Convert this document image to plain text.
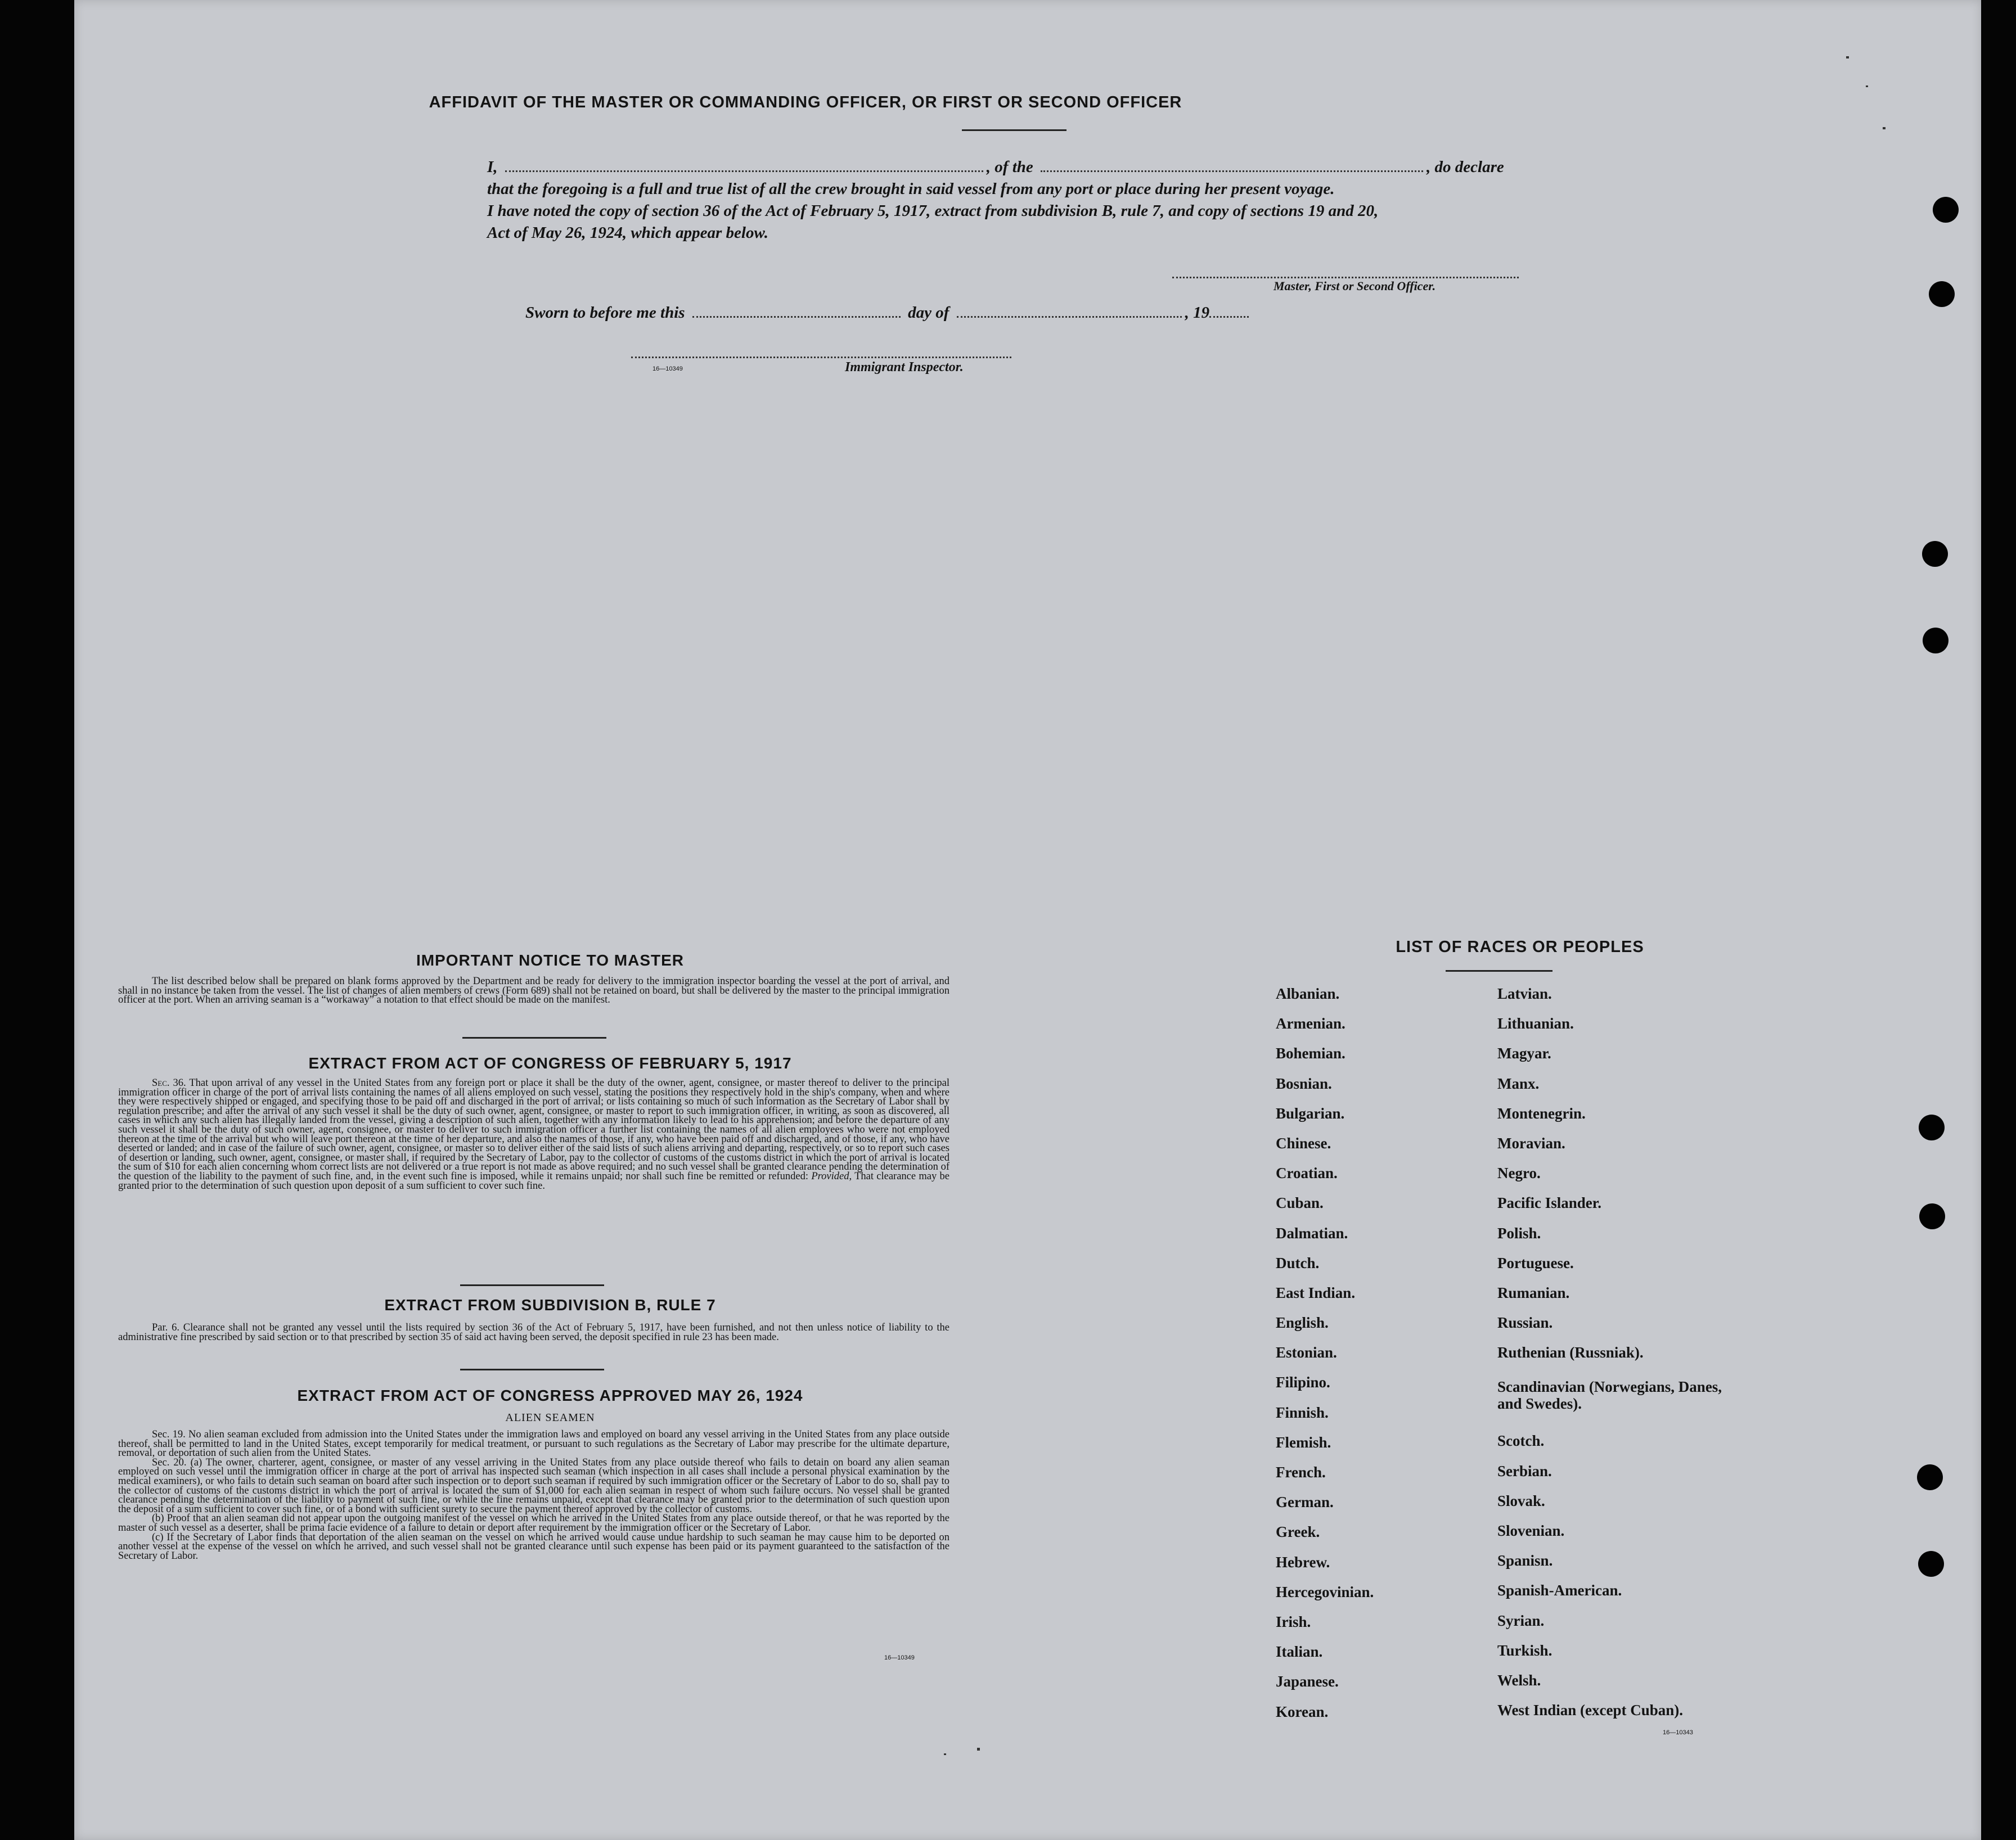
AFFIDAVIT OF THE MASTER OR COMMANDING OFFICER, OR FIRST OR SECOND OFFICER
I,	, of the	, do declare
that the foregoing is a full and true list of all the crew brought in said vessel from any port or place during her present voyage.
I have noted the copy of section 36 of the Act of February 5, 1917, extract from subdivision B, rule 7, and copy of sections 19 and 20,
Act of May 26, 1924, which appear below.
Master, First or Second Officer.
Sworn to before me this	day of	, 19
16—10349	Immigrant Inspector.
IMPORTANT NOTICE TO MASTER

The list described below shall be prepared on blank forms approved by the Department and be ready for delivery to the immigration inspector boarding the vessel at the port of arrival, and shall in no instance be taken from the vessel. The list of changes of alien members of crews (Form 689) shall not be retained on board, but shall be delivered by the master to the principal immigration officer at the port. When an arriving seaman is a “workaway” a notation to that effect should be made on the manifest.

EXTRACT FROM ACT OF CONGRESS OF FEBRUARY 5, 1917

Sec. 36. That upon arrival of any vessel in the United States from any foreign port or place it shall be the duty of the owner, agent, consignee, or master thereof to deliver to the principal immigration officer in charge of the port of arrival lists containing the names of all aliens employed on such vessel, stating the positions they respectively hold in the ship's company, when and where they were respectively shipped or engaged, and specifying those to be paid off and discharged in the port of arrival; or lists containing so much of such information as the Secretary of Labor shall by regulation prescribe; and after the arrival of any such vessel it shall be the duty of such owner, agent, consignee, or master to report to such immigration officer, in writing, as soon as discovered, all cases in which any such alien has illegally landed from the vessel, giving a description of such alien, together with any information likely to lead to his apprehension; and before the departure of any such vessel it shall be the duty of such owner, agent, consignee, or master to deliver to such immigration officer a further list containing the names of all alien employees who were not employed thereon at the time of the arrival but who will leave port thereon at the time of her departure, and also the names of those, if any, who have been paid off and discharged, and of those, if any, who have deserted or landed; and in case of the failure of such owner, agent, consignee, or master so to deliver either of the said lists of such aliens arriving and departing, respectively, or so to report such cases of desertion or landing, such owner, agent, consignee, or master shall, if required by the Secretary of Labor, pay to the collector of customs of the customs district in which the port of arrival is located the sum of $10 for each alien concerning whom correct lists are not delivered or a true report is not made as above required; and no such vessel shall be granted clearance pending the determination of the question of the liability to the payment of such fine, and, in the event such fine is imposed, while it remains unpaid; nor shall such fine be remitted or refunded: Provided, That clearance may be granted prior to the determination of such question upon deposit of a sum sufficient to cover such fine.

EXTRACT FROM SUBDIVISION B, RULE 7

Par. 6. Clearance shall not be granted any vessel until the lists required by section 36 of the Act of February 5, 1917, have been furnished, and not then unless notice of liability to the administrative fine prescribed by said section or to that prescribed by section 35 of said act having been served, the deposit specified in rule 23 has been made.

EXTRACT FROM ACT OF CONGRESS APPROVED MAY 26, 1924
ALIEN SEAMEN

Sec. 19. No alien seaman excluded from admission into the United States under the immigration laws and employed on board any vessel arriving in the United States from any place outside thereof, shall be permitted to land in the United States, except temporarily for medical treatment, or pursuant to such regulations as the Secretary of Labor may prescribe for the ultimate departure, removal, or deportation of such alien from the United States.

Sec. 20. (a) The owner, charterer, agent, consignee, or master of any vessel arriving in the United States from any place outside thereof who fails to detain on board any alien seaman employed on such vessel until the immigration officer in charge at the port of arrival has inspected such seaman (which inspection in all cases shall include a personal physical examination by the medical examiners), or who fails to detain such seaman on board after such inspection or to deport such seaman if required by such immigration officer or the Secretary of Labor to do so, shall pay to the collector of customs of the customs district in which the port of arrival is located the sum of $1,000 for each alien seaman in respect of whom such failure occurs. No vessel shall be granted clearance pending the determination of the liability to payment of such fine, or while the fine remains unpaid, except that clearance may be granted prior to the determination of such question upon the deposit of a sum sufficient to cover such fine, or of a bond with sufficient surety to secure the payment thereof approved by the collector of customs.

(b) Proof that an alien seaman did not appear upon the outgoing manifest of the vessel on which he arrived in the United States from any place outside thereof, or that he was reported by the master of such vessel as a deserter, shall be prima facie evidence of a failure to detain or deport after requirement by the immigration officer or the Secretary of Labor.

(c) If the Secretary of Labor finds that deportation of the alien seaman on the vessel on which he arrived would cause undue hardship to such seaman he may cause him to be deported on another vessel at the expense of the vessel on which he arrived, and such vessel shall not be granted clearance until such expense has been paid or its payment guaranteed to the satisfaction of the Secretary of Labor.

16—10349
LIST OF RACES OR PEOPLES
Albanian.
Armenian.
Bohemian.
Bosnian.
Bulgarian.
Chinese.
Croatian.
Cuban.
Dalmatian.
Dutch.
East Indian.
English.
Estonian.
Filipino.
Finnish.
Flemish.
French.
German.
Greek.
Hebrew.
Hercegovinian.
Irish.
Italian.
Japanese.
Korean.
Latvian.
Lithuanian.
Magyar.
Manx.
Montenegrin.
Moravian.
Negro.
Pacific Islander.
Polish.
Portuguese.
Rumanian.
Russian.
Ruthenian (Russniak).
Scandinavian (Norwegians, Danes, and Swedes).
Scotch.
Serbian.
Slovak.
Slovenian.
Spanisn.
Spanish-American.
Syrian.
Turkish.
Welsh.
West Indian (except Cuban).
16—10343
